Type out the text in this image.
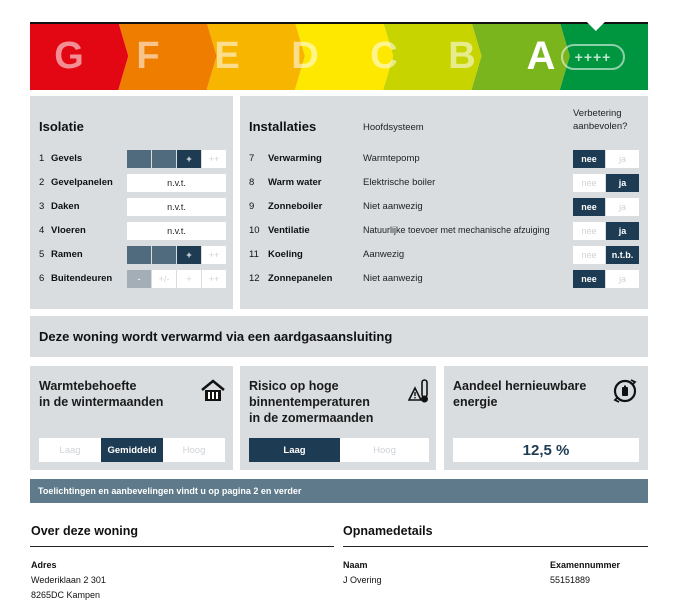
G	F	E	D	C	B	A	++++
Isolatie
1 Gevels	+	++
2 Gevelpanelen	n.v.t.
3 Daken	n.v.t.
4 Vloeren	n.v.t.
5 Ramen	+	++
6 Buitendeuren	-	+/-	+	++
Installaties	Hoofdsysteem
Verbetering aanbevolen?
7 Verwarming	Warmtepomp	nee	ja
8 Warm water	Elektrische boiler	nee	ja
9 Zonneboiler	Niet aanwezig	nee	ja
10 Ventilatie	Natuurlijke toevoer met mechanische afzuiging	nee	ja
11 Koeling	Aanwezig	nee	n.t.b.
12 Zonnepanelen	Niet aanwezig	nee	ja
Deze woning wordt verwarmd via een aardgasaansluiting
Warmtebehoefte
in de wintermaanden
Laag	Gemiddeld	Hoog
Risico op hoge
binnentemperaturen
in de zomermaanden
Laag	Hoog
Aandeel hernieuwbare
energie
12,5 %
Toelichtingen en aanbevelingen vindt u op pagina 2 en verder
Over deze woning
Adres
Wederiklaan 2 301
8265DC Kampen
Opnamedetails
Naam
J Overing
Examennummer
55151889
